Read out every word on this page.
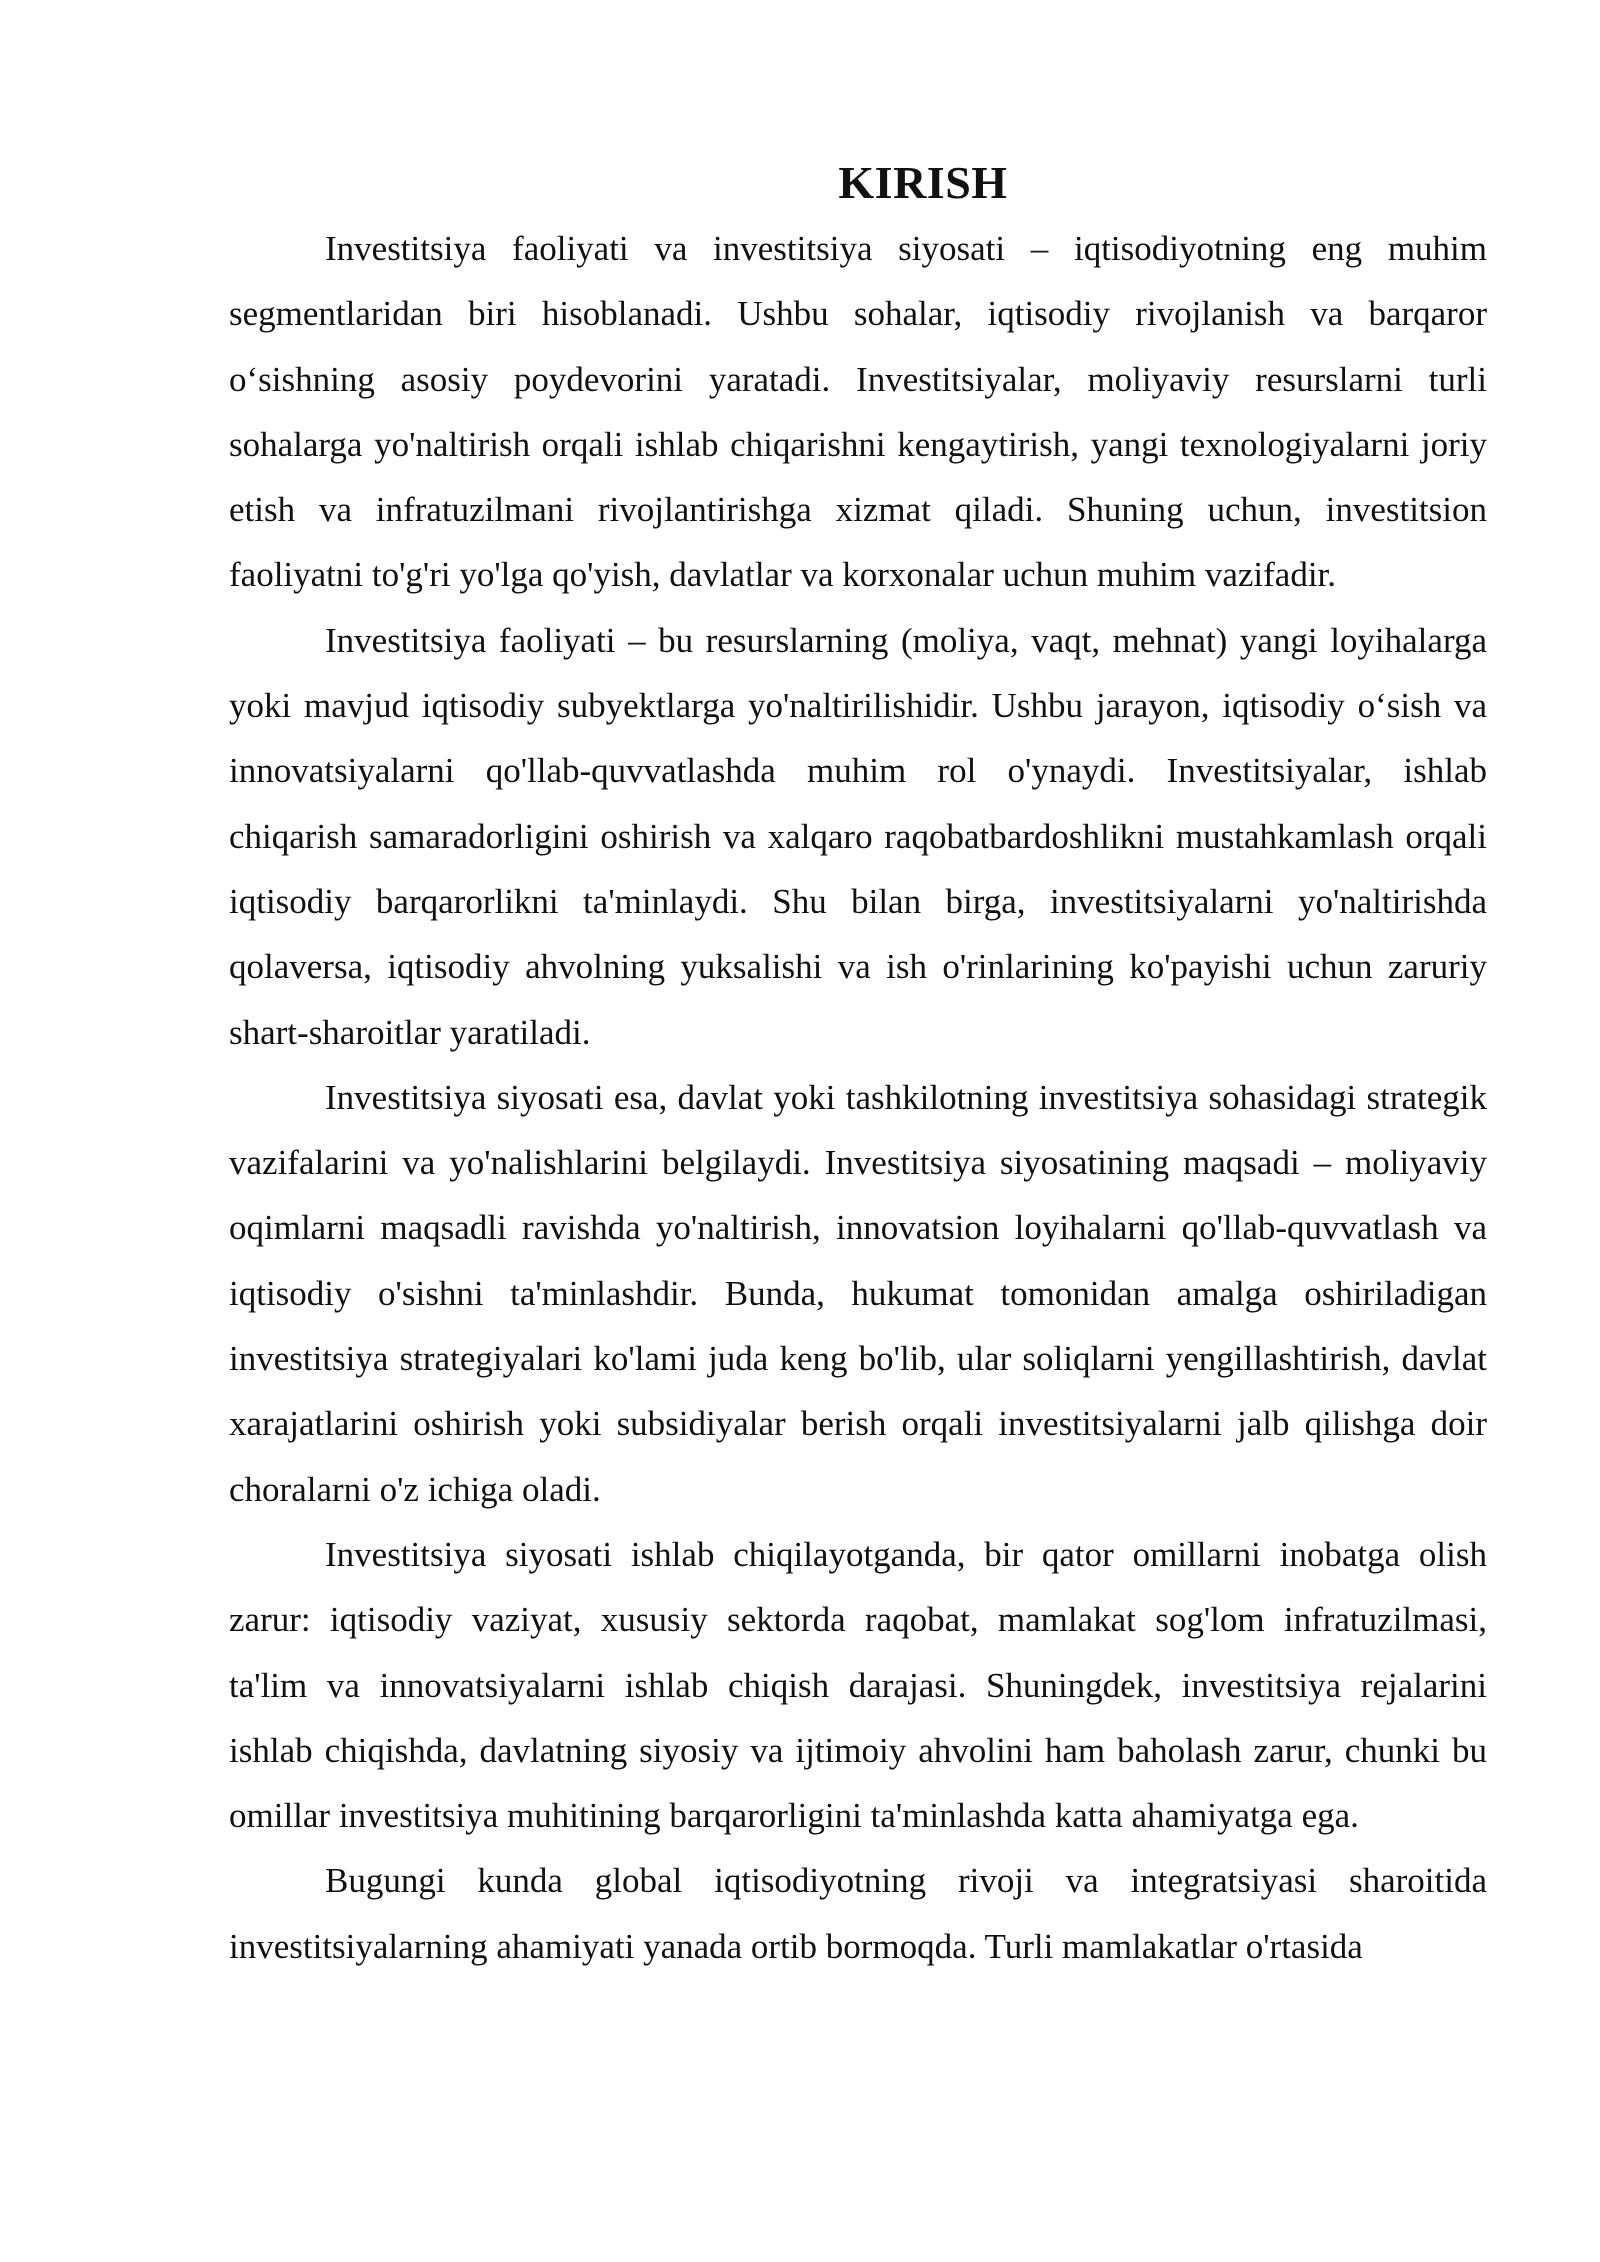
KIRISH

Investitsiya faoliyati va investitsiya siyosati – iqtisodiyotning eng muhim segmentlaridan biri hisoblanadi. Ushbu sohalar, iqtisodiy rivojlanish va barqaror o‘sishning asosiy poydevorini yaratadi. Investitsiyalar, moliyaviy resurslarni turli sohalarga yo'naltirish orqali ishlab chiqarishni kengaytirish, yangi texnologiyalarni joriy etish va infratuzilmani rivojlantirishga xizmat qiladi. Shuning uchun, investitsion faoliyatni to'g'ri yo'lga qo'yish, davlatlar va korxonalar uchun muhim vazifadir.

Investitsiya faoliyati – bu resurslarning (moliya, vaqt, mehnat) yangi loyihalarga yoki mavjud iqtisodiy subyektlarga yo'naltirilishidir. Ushbu jarayon, iqtisodiy o‘sish va innovatsiyalarni qo'llab-quvvatlashda muhim rol o'ynaydi. Investitsiyalar, ishlab chiqarish samaradorligini oshirish va xalqaro raqobatbardoshlikni mustahkamlash orqali iqtisodiy barqarorlikni ta'minlaydi. Shu bilan birga, investitsiyalarni yo'naltirishda qolaversa, iqtisodiy ahvolning yuksalishi va ish o'rinlarining ko'payishi uchun zaruriy shart-sharoitlar yaratiladi.

Investitsiya siyosati esa, davlat yoki tashkilotning investitsiya sohasidagi strategik vazifalarini va yo'nalishlarini belgilaydi. Investitsiya siyosatining maqsadi – moliyaviy oqimlarni maqsadli ravishda yo'naltirish, innovatsion loyihalarni qo'llab-quvvatlash va iqtisodiy o'sishni ta'minlashdir. Bunda, hukumat tomonidan amalga oshiriladigan investitsiya strategiyalari ko'lami juda keng bo'lib, ular soliqlarni yengillashtirish, davlat xarajatlarini oshirish yoki subsidiyalar berish orqali investitsiyalarni jalb qilishga doir choralarni o'z ichiga oladi.

Investitsiya siyosati ishlab chiqilayotganda, bir qator omillarni inobatga olish zarur: iqtisodiy vaziyat, xususiy sektorda raqobat, mamlakat sog'lom infratuzilmasi, ta'lim va innovatsiyalarni ishlab chiqish darajasi. Shuningdek, investitsiya rejalarini ishlab chiqishda, davlatning siyosiy va ijtimoiy ahvolini ham baholash zarur, chunki bu omillar investitsiya muhitining barqarorligini ta'minlashda katta ahamiyatga ega.

Bugungi kunda global iqtisodiyotning rivoji va integratsiyasi sharoitida investitsiyalarning ahamiyati yanada ortib bormoqda. Turli mamlakatlar o'rtasida
